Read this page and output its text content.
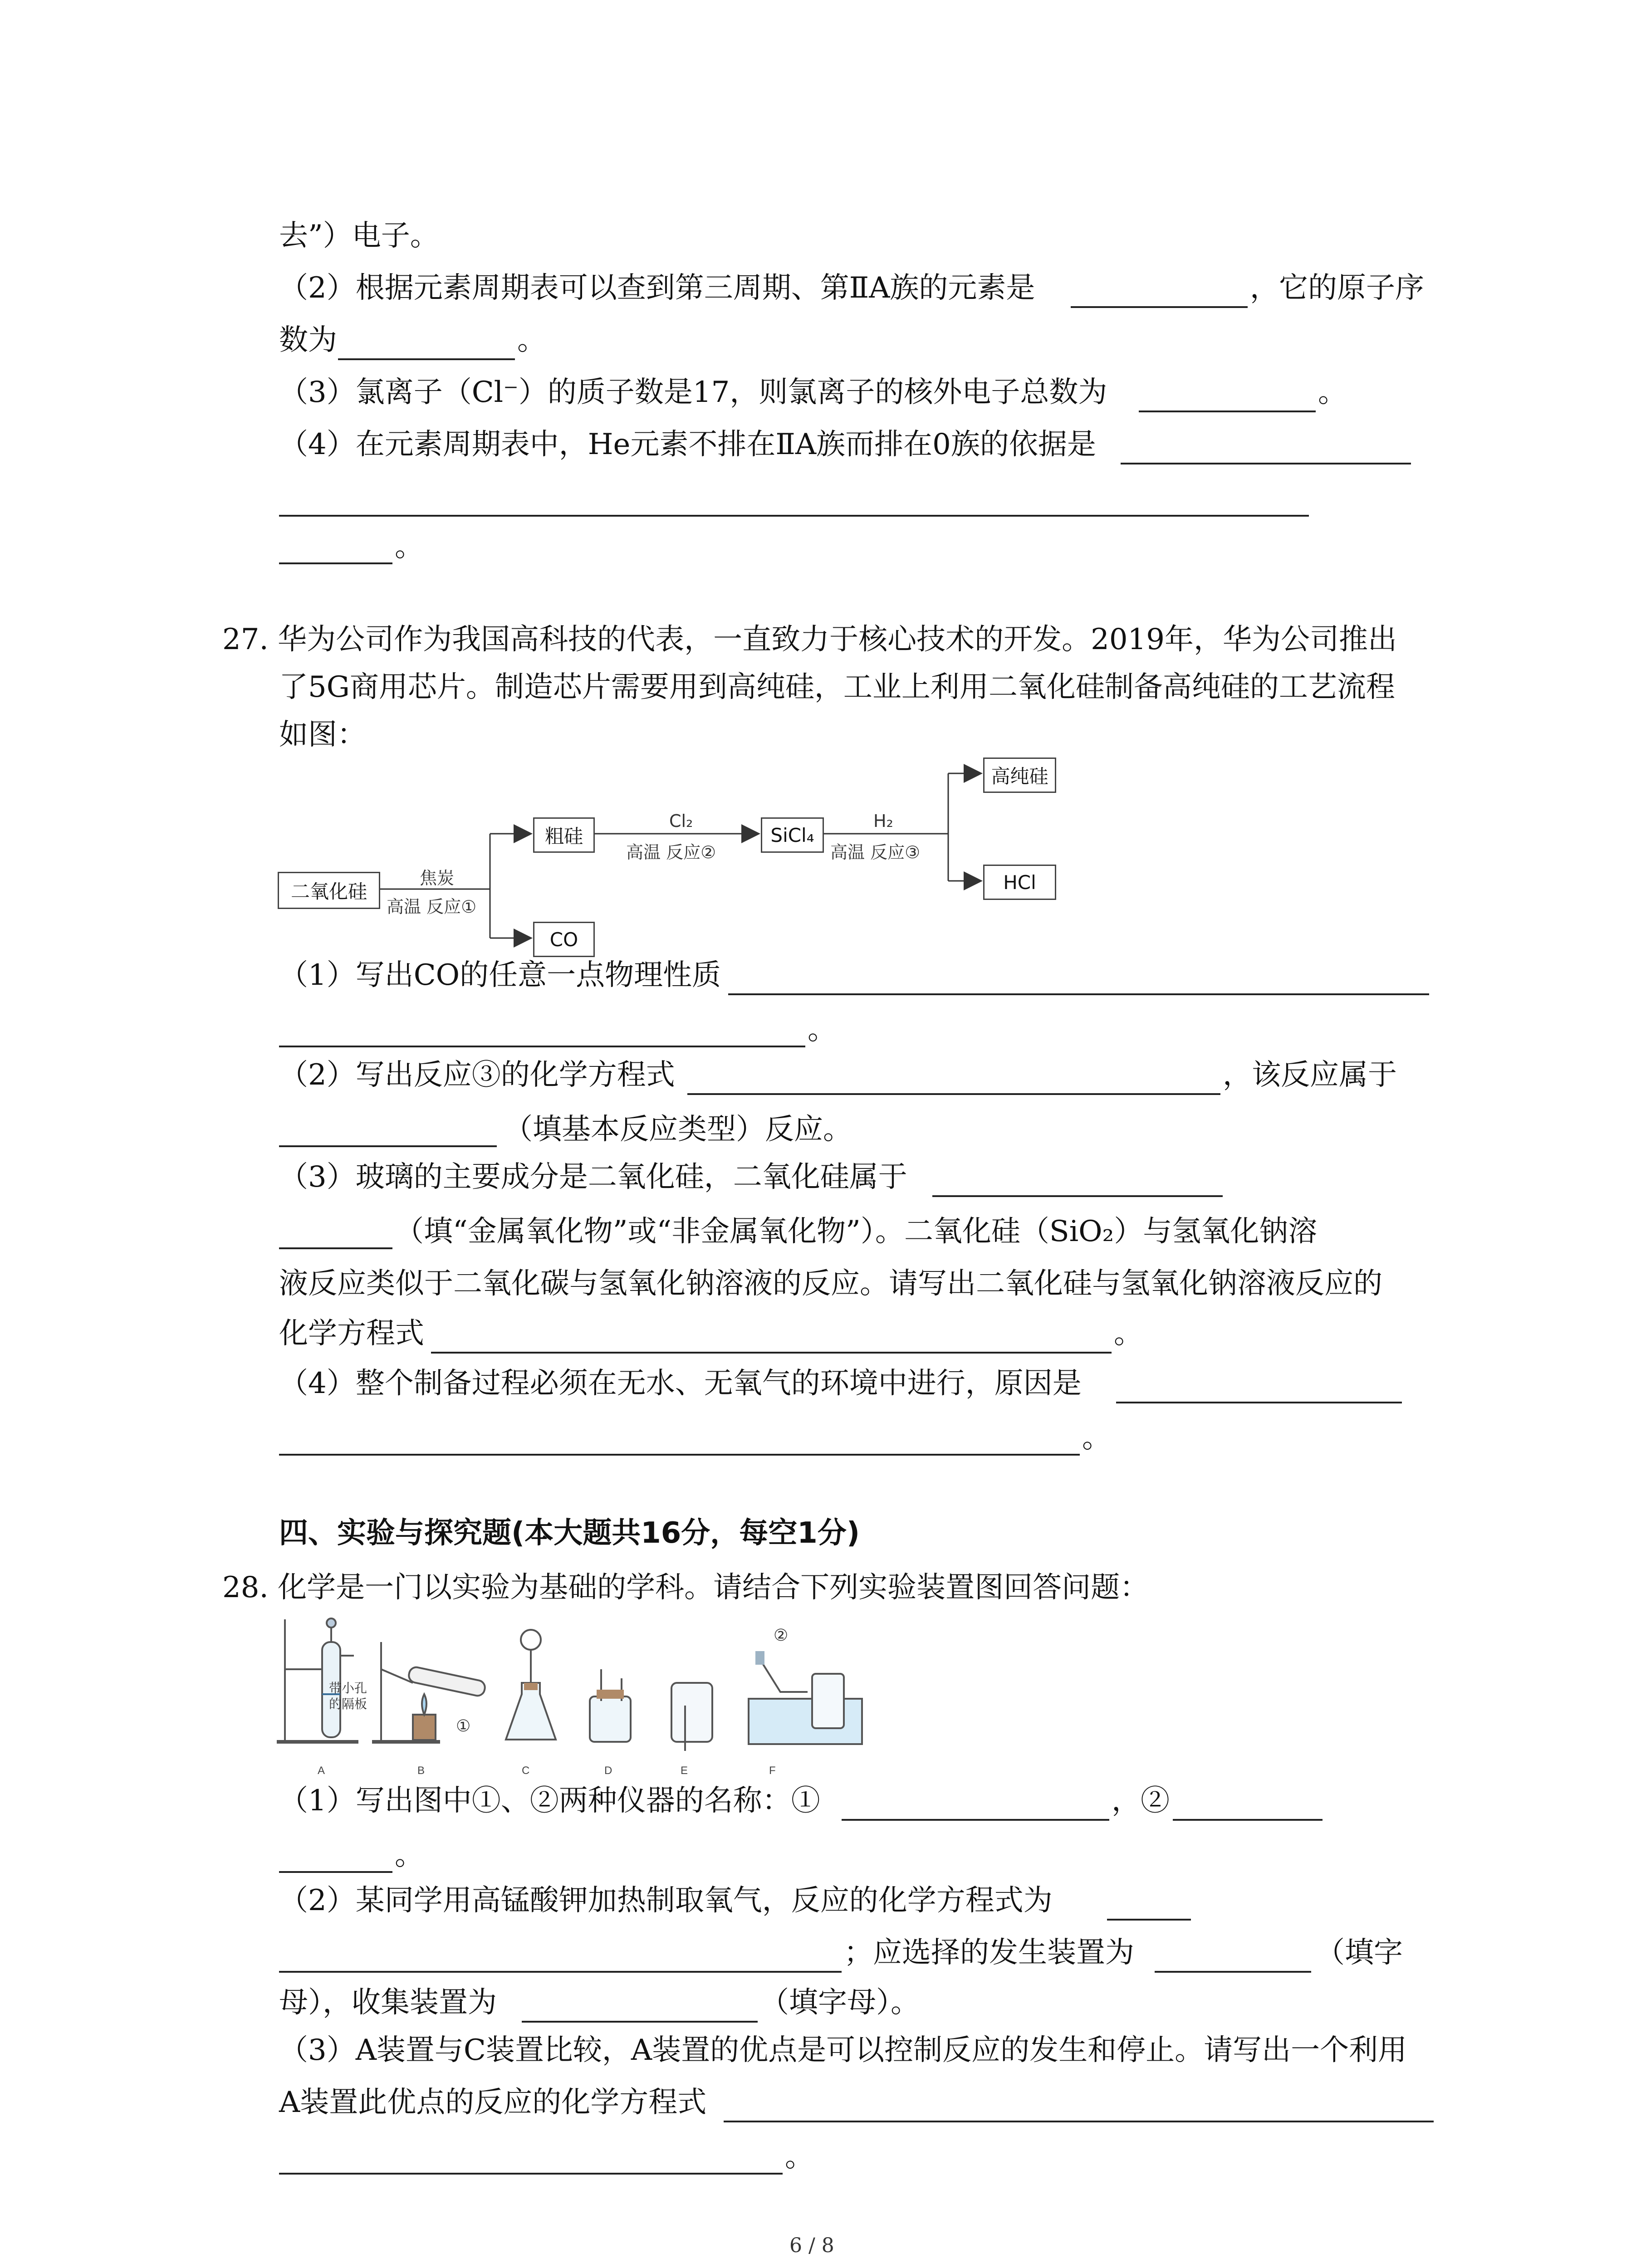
去”）电子。
（2）根据元素周期表可以查到第三周期、第ⅡA族的元素是	，它的原子序
数为	。
（3）氯离子（Cl⁻）的质子数是17，则氯离子的核外电子总数为	。
（4）在元素周期表中，He元素不排在ⅡA族而排在0族的依据是
。
27. 华为公司作为我国高科技的代表，一直致力于核心技术的开发。2019年，华为公司推出
了5G商用芯片。制造芯片需要用到高纯硅，工业上利用二氧化硅制备高纯硅的工艺流程
如图：
二氧化硅
粗硅
CO
SiCl₄
高纯硅
HCl
焦炭
高温 反应①
Cl₂
高温 反应②
H₂
高温 反应③
（1）写出CO的任意一点物理性质
。
（2）写出反应③的化学方程式	，该反应属于
（填基本反应类型）反应。
（3）玻璃的主要成分是二氧化硅，二氧化硅属于
（填“金属氧化物”或“非金属氧化物”）。二氧化硅（SiO₂）与氢氧化钠溶
液反应类似于二氧化碳与氢氧化钠溶液的反应。请写出二氧化硅与氢氧化钠溶液反应的
化学方程式	。
（4）整个制备过程必须在无水、无氧气的环境中进行，原因是
。
四、实验与探究题(本大题共16分，每空1分)
28. 化学是一门以实验为基础的学科。请结合下列实验装置图回答问题：
带小孔
的隔板
①
②
A	B	C	D	E	F
（1）写出图中①、②两种仪器的名称：①	，②
。
（2）某同学用高锰酸钾加热制取氧气，反应的化学方程式为
；应选择的发生装置为	（填字
母），收集装置为	（填字母）。
（3）A装置与C装置比较，A装置的优点是可以控制反应的发生和停止。请写出一个利用
A装置此优点的反应的化学方程式
。
6 / 8
